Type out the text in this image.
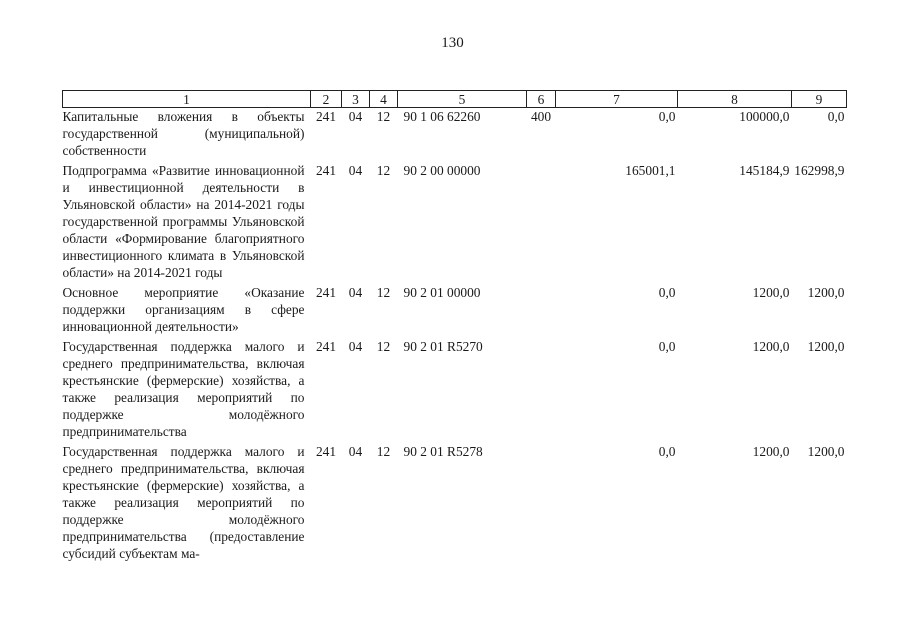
130
1	2	3	4	5	6	7	8	9
Капитальные вложения в объекты государственной (муниципальной) собственности	241	04	12	90 1 06 62260	400	0,0	100000,0	0,0
Подпрограмма «Развитие инновационной и инвестиционной деятельности в Ульяновской области» на 2014-2021 годы государственной программы Ульяновской области «Формирование благоприятного инвестиционного климата в Ульяновской области» на 2014-2021 годы	241	04	12	90 2 00 00000		165001,1	145184,9	162998,9
Основное мероприятие «Оказание поддержки организациям в сфере инновационной деятельности»	241	04	12	90 2 01 00000		0,0	1200,0	1200,0
Государственная поддержка малого и среднего предпринимательства, включая крестьянские (фермерские) хозяйства, а также реализация мероприятий по поддержке молодёжного предпринимательства	241	04	12	90 2 01 R5270		0,0	1200,0	1200,0
Государственная поддержка малого и среднего предпринимательства, включая крестьянские (фермерские) хозяйства, а также реализация мероприятий по поддержке молодёжного предпринимательства (предоставление субсидий субъектам ма-	241	04	12	90 2 01 R5278		0,0	1200,0	1200,0
